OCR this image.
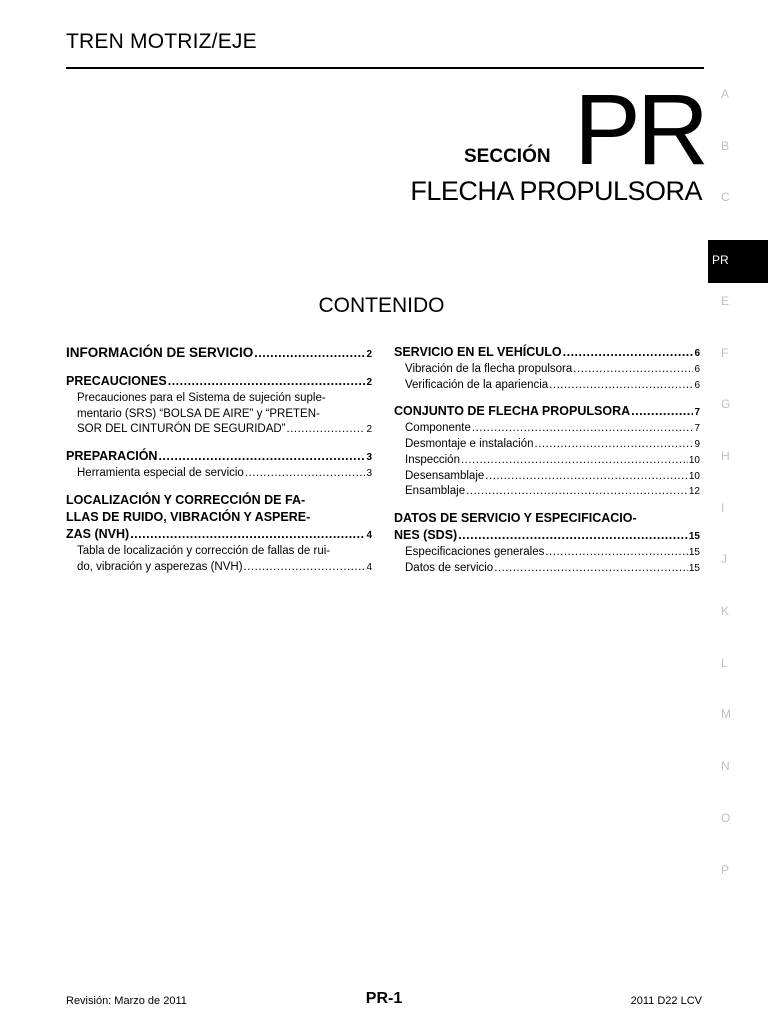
TREN MOTRIZ/EJE
SECCIÓN PR
FLECHA PROPULSORA
CONTENIDO
A
B
C
PR
E
F
G
H
I
J
K
L
M
N
O
P
INFORMACIÓN DE SERVICIO .....	2
PRECAUCIONES .....	2
Precauciones para el Sistema de sujeción suple-
mentario (SRS) “BOLSA DE AIRE” y “PRETEN-
SOR DEL CINTURÓN DE SEGURIDAD” .....	2
PREPARACIÓN .....	3
Herramienta especial de servicio .....	3
LOCALIZACIÓN Y CORRECCIÓN DE FA-
LLAS DE RUIDO, VIBRACIÓN Y ASPERE-
ZAS (NVH) .....	4
Tabla de localización y corrección de fallas de rui-
do, vibración y asperezas (NVH) .....	4
SERVICIO EN EL VEHÍCULO .....	6
Vibración de la flecha propulsora .....	6
Verificación de la apariencia .....	6
CONJUNTO DE FLECHA PROPULSORA .....	7
Componente .....	7
Desmontaje e instalación .....	9
Inspección .....	10
Desensamblaje .....	10
Ensamblaje .....	12
DATOS DE SERVICIO Y ESPECIFICACIO-
NES (SDS) .....	15
Especificaciones generales .....	15
Datos de servicio .....	15
Revisión: Marzo de 2011	PR-1	2011 D22 LCV
